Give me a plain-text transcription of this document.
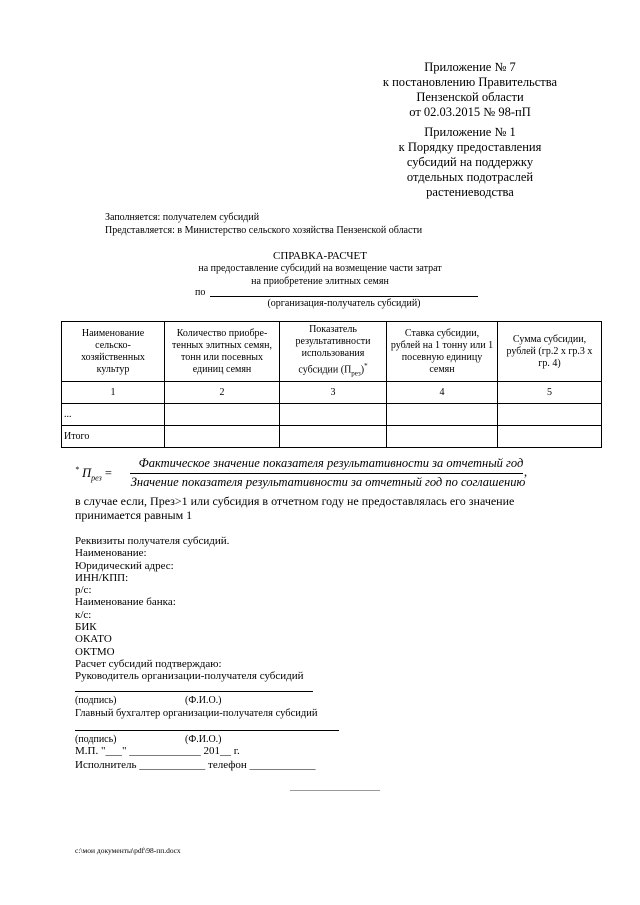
Приложение № 7
к постановлению Правительства
Пензенской области
от 02.03.2015 № 98-пП
Приложение № 1
к Порядку предоставления
субсидий на поддержку
отдельных подотраслей
растениеводства
Заполняется: получателем субсидий
Представляется: в Министерство сельского хозяйства Пензенской области
СПРАВКА-РАСЧЕТ
на предоставление субсидий на возмещение части затрат
на приобретение элитных семян
по
(организация-получатель субсидий)
Наименование сельско-хозяйственных культур	Количество приобре-тенных элитных семян, тонн или посевных единиц семян	Показатель результативности использования субсидии $(П_{рез})^*$	Ставка субсидии, рублей на 1 тонну или 1 посевную единицу семян	Сумма субсидии, рублей (гр.2 x гр.3 x гр. 4)
1	2	3	4	5
...				
Итого				
* $П_{рез}$ =
Фактическое значение показателя результативности за отчетный год
Значение показателя результативности за отчетный год по соглашению
,
в случае если, Пpез>1 или субсидия в отчетном году не предоставлялась его значение
принимается равным 1
Реквизиты получателя субсидий.
Наименование:
Юридический адрес:
ИНН/КПП:
р/с:
Наименование банка:
к/с:
БИК
ОКАТО
ОКТМО
Расчет субсидий подтверждаю:
Руководитель организации-получателя субсидий
(подпись)	(Ф.И.О.)
Главный бухгалтер организации-получателя субсидий
(подпись)	(Ф.И.О.)
М.П. "___" _____________ 201__ г.
Исполнитель ____________ телефон ____________
c:\мои документы\pdf\98-пп.docx
